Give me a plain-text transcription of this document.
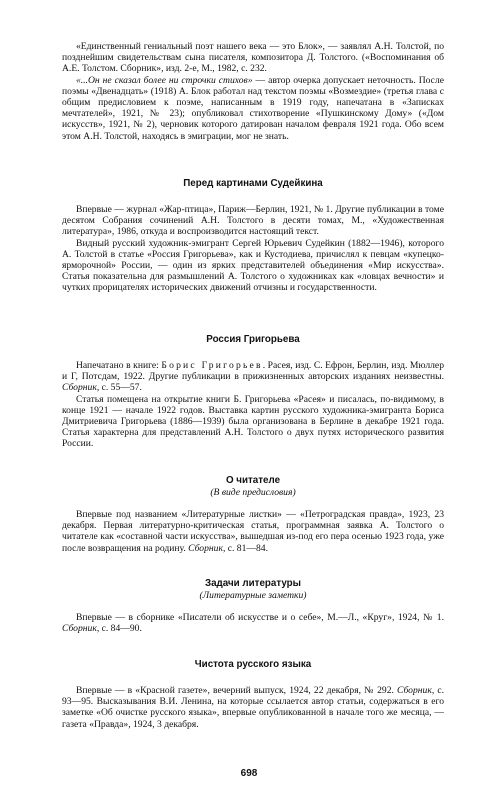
«Единственный гениальный поэт нашего века — это Блок», — заявлял А.Н. Толстой, по позднейшим свидетельствам сына писателя, композитора Д. Толстого. («Воспоминания об А.Е. Толстом. Сборник», изд. 2-е, М., 1982, с. 232.

«...Он не сказал более ни строчки стихов» — автор очерка допускает неточность. После поэмы «Двенадцать» (1918) А. Блок работал над текстом поэмы «Возмездие» (третья глава с общим предисловием к поэме, написанным в 1919 году, напечатана в «Записках мечтателей», 1921, № 23); опубликовал стихотворение «Пушкинскому Дому» («Дом искусств», 1921, № 2), черновик которого датирован началом февраля 1921 года. Обо всем этом А.Н. Толстой, находясь в эмиграции, мог не знать.

Перед картинами Судейкина

Впервые — журнал «Жар-птица», Париж—Берлин, 1921, № 1. Другие публикации в томе десятом Собрания сочинений А.Н. Толстого в десяти томах, М., «Художественная литература», 1986, откуда и воспроизводится настоящий текст.

Видный русский художник-эмигрант Сергей Юрьевич Судейкин (1882—1946), которого А. Толстой в статье «Россия Григорьева», как и Кустодиева, причислял к певцам «купецко-ярморочной» России, — один из ярких представителей объединения «Мир искусства». Статья показательна для размышлений А. Толстого о художниках как «ловцах вечности» и чутких прорицателях исторических движений отчизны и государственности.

Россия Григорьева

Напечатано в книге: Борис Григорьев. Расея, изд. С. Ефрон, Берлин, изд. Мюллер и Г, Потсдам, 1922. Другие публикации в прижизненных авторских изданиях неизвестны. Сборник, с. 55—57.

Статья помещена на открытие книги Б. Григорьева «Расея» и писалась, по-видимому, в конце 1921 — начале 1922 годов. Выставка картин русского художника-эмигранта Бориса Дмитриевича Григорьева (1886—1939) была организована в Берлине в декабре 1921 года. Статья характерна для представлений А.Н. Толстого о двух путях исторического развития России.

О читателе
(В виде предисловия)

Впервые под названием «Литературные листки» — «Петроградская правда», 1923, 23 декабря. Первая литературно-критическая статья, программная заявка А. Толстого о читателе как «составной части искусства», вышедшая из-под его пера осенью 1923 года, уже после возвращения на родину. Сборник, с. 81—84.

Задачи литературы
(Литературные заметки)

Впервые — в сборнике «Писатели об искусстве и о себе», М.—Л., «Круг», 1924, № 1. Сборник, с. 84—90.

Чистота русского языка

Впервые — в «Красной газете», вечерний выпуск, 1924, 22 декабря, № 292. Сборник, с. 93—95. Высказывания В.И. Ленина, на которые ссылается автор статьи, содержаться в его заметке «Об очистке русского языка», впервые опубликованной в начале того же месяца, — газета «Правда», 1924, 3 декабря.

698
